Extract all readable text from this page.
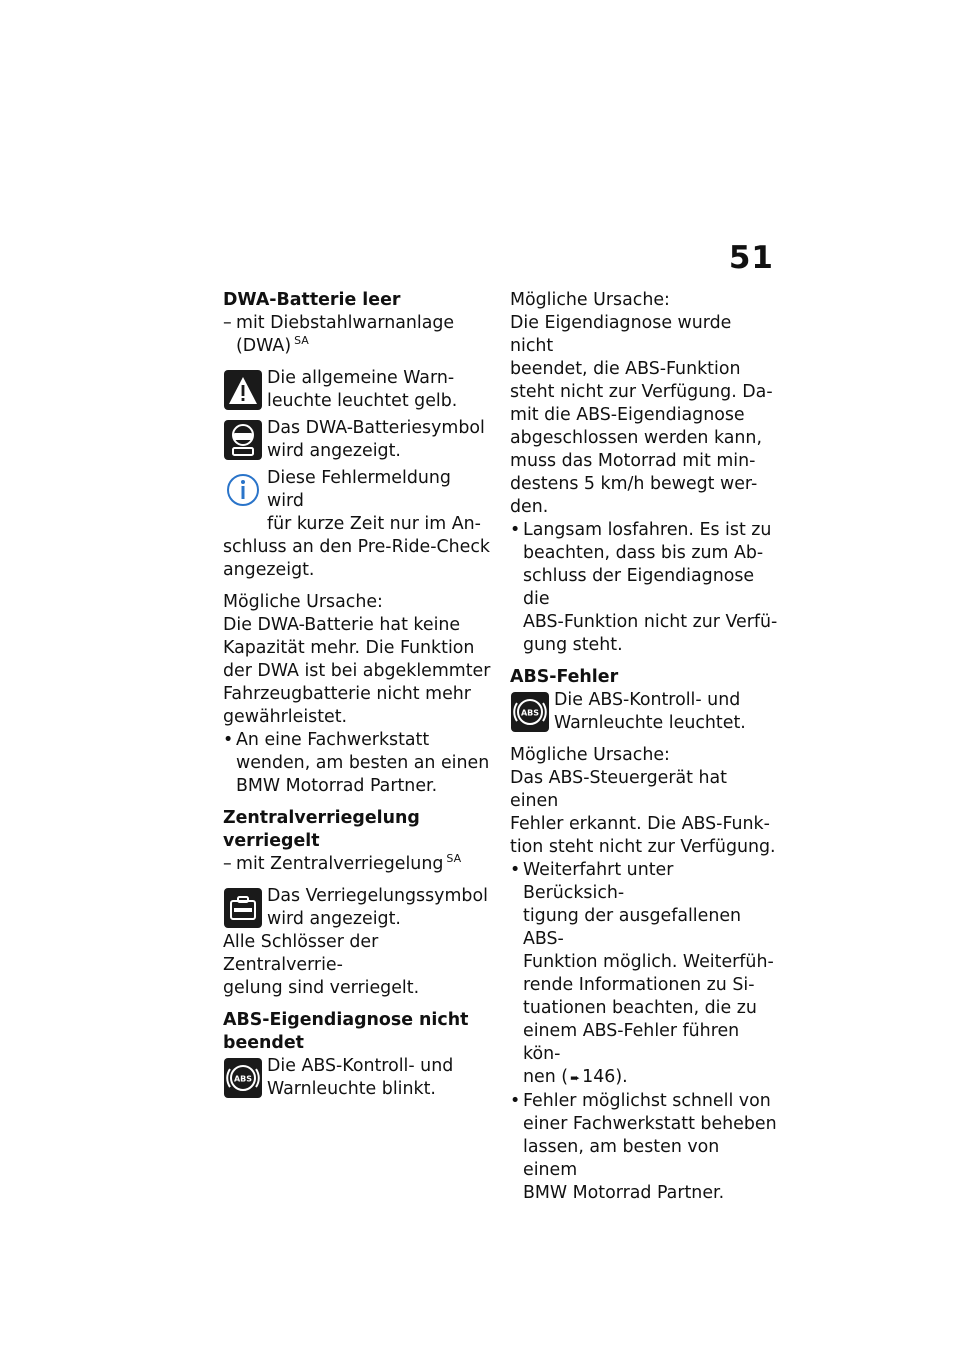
51

DWA-Batterie leer

– mit Diebstahlwarnanlage
(DWA) $^{SA}$
Die allgemeine Warn-
leuchte leuchtet gelb.
Das DWA-Batteriesymbol
wird angezeigt.
Diese Fehlermeldung wird
für kurze Zeit nur im An-
schluss an den Pre-Ride-Check
angezeigt.
Mögliche Ursache:
Die DWA-Batterie hat keine
Kapazität mehr. Die Funktion
der DWA ist bei abgeklemmter
Fahrzeugbatterie nicht mehr
gewährleistet.
• An eine Fachwerkstatt
wenden, am besten an einen
BMW Motorrad Partner.

Zentralverriegelung verriegelt

– mit Zentralverriegelung $^{SA}$
Das Verriegelungssymbol
wird angezeigt.
Alle Schlösser der Zentralverrie-
gelung sind verriegelt.

ABS-Eigendiagnose nicht
beendet

ABS
Die ABS-Kontroll- und
Warnleuchte blinkt.
Mögliche Ursache:
Die Eigendiagnose wurde nicht
beendet, die ABS-Funktion
steht nicht zur Verfügung. Da-
mit die ABS-Eigendiagnose
abgeschlossen werden kann,
muss das Motorrad mit min-
destens 5 km/h bewegt wer-
den.
• Langsam losfahren. Es ist zu
beachten, dass bis zum Ab-
schluss der Eigendiagnose die
ABS-Funktion nicht zur Verfü-
gung steht.

ABS-Fehler

ABS
Die ABS-Kontroll- und
Warnleuchte leuchtet.
Mögliche Ursache:
Das ABS-Steuergerät hat einen
Fehler erkannt. Die ABS-Funk-
tion steht nicht zur Verfügung.
• Weiterfahrt unter Berücksich-
tigung der ausgefallenen ABS-
Funktion möglich. Weiterfüh-
rende Informationen zu Si-
tuationen beachten, die zu
einem ABS-Fehler führen kön-
nen ( ➨ 146).
• Fehler möglichst schnell von
einer Fachwerkstatt beheben
lassen, am besten von einem
BMW Motorrad Partner.
